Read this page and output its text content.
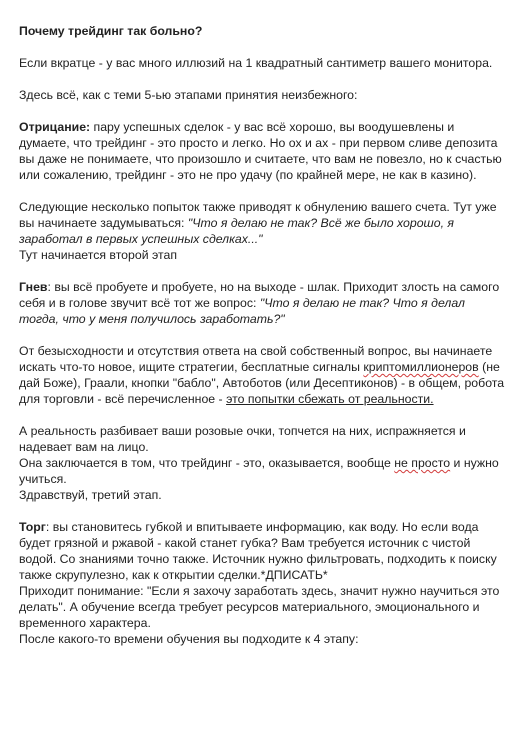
Почему трейдинг так больно?

Если вкратце - у вас много иллюзий на 1 квадратный сантиметр вашего монитора.

Здесь всё, как с теми 5-ью этапами принятия неизбежного:

Отрицание: пару успешных сделок - у вас всё хорошо, вы воодушевлены и думаете, что трейдинг - это просто и легко. Но ох и ах - при первом сливе депозита вы даже не понимаете, что произошло и считаете, что вам не повезло, но к счастью или сожалению, трейдинг - это не про удачу (по крайней мере, не как в казино).

Следующие несколько попыток также приводят к обнулению вашего счета. Тут уже вы начинаете задумываться: "Что я делаю не так? Всё же было хорошо, я заработал в первых успешных сделках..."

Тут начинается второй этап

Гнев: вы всё пробуете и пробуете, но на выходе - шлак. Приходит злость на самого себя и в голове звучит всё тот же вопрос: "Что я делаю не так? Что я делал тогда, что у меня получилось заработать?"

От безысходности и отсутствия ответа на свой собственный вопрос, вы начинаете искать что-то новое, ищите стратегии, бесплатные сигналы криптомиллионеров (не дай Боже), Граали, кнопки "бабло", Автоботов (или Десептиконов) - в общем, робота для торговли - всё перечисленное - это попытки сбежать от реальности.

А реальность разбивает ваши розовые очки, топчется на них, испражняется и надевает вам на лицо.

Она заключается в том, что трейдинг - это, оказывается, вообще не просто и нужно учиться.

Здравствуй, третий этап.

Торг: вы становитесь губкой и впитываете информацию, как воду. Но если вода будет грязной и ржавой - какой станет губка? Вам требуется источник с чистой водой. Со знаниями точно также. Источник нужно фильтровать, подходить к поиску также скрупулезно, как к открытии сделки.*ДПИСАТЬ*

Приходит понимание: "Если я захочу заработать здесь, значит нужно научиться это делать". А обучение всегда требует ресурсов материального, эмоционального и временного характера.

После какого-то времени обучения вы подходите к 4 этапу:
